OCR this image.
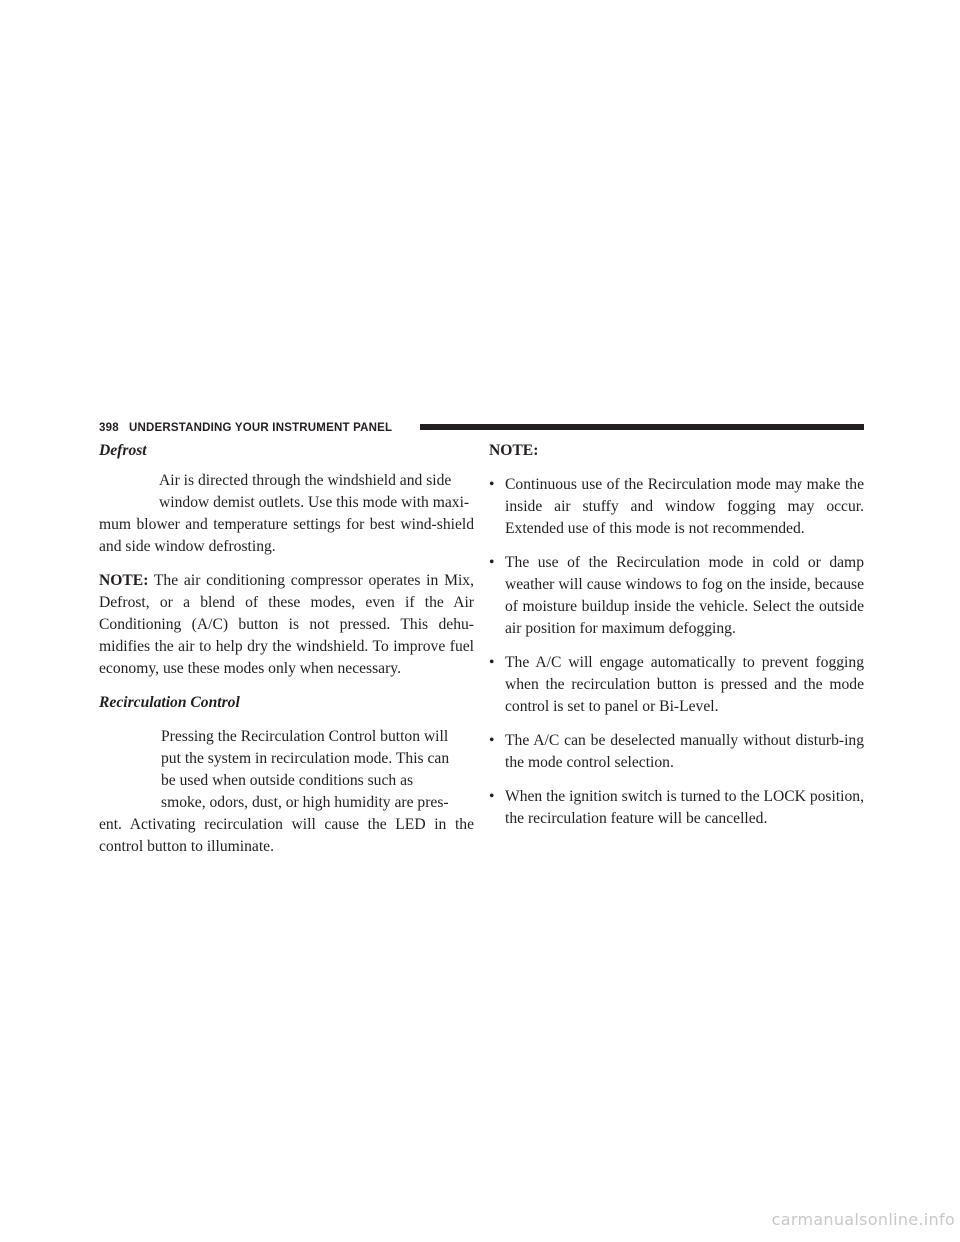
398 UNDERSTANDING YOUR INSTRUMENT PANEL

Defrost

Air is directed through the windshield and side

window demist outlets. Use this mode with maxi-

mum blower and temperature settings for best wind-shield and side window defrosting.

NOTE: The air conditioning compressor operates in Mix, Defrost, or a blend of these modes, even if the Air Conditioning (A/C) button is not pressed. This dehu-midifies the air to help dry the windshield. To improve fuel economy, use these modes only when necessary.

Recirculation Control

Pressing the Recirculation Control button will

put the system in recirculation mode. This can

be used when outside conditions such as

smoke, odors, dust, or high humidity are pres-

ent. Activating recirculation will cause the LED in the control button to illuminate.

NOTE:

• Continuous use of the Recirculation mode may make the inside air stuffy and window fogging may occur. Extended use of this mode is not recommended.
• The use of the Recirculation mode in cold or damp weather will cause windows to fog on the inside, because of moisture buildup inside the vehicle. Select the outside air position for maximum defogging.
• The A/C will engage automatically to prevent fogging when the recirculation button is pressed and the mode control is set to panel or Bi-Level.
• The A/C can be deselected manually without disturb-ing the mode control selection.
• When the ignition switch is turned to the LOCK position, the recirculation feature will be cancelled.
carmanualsonline.info
